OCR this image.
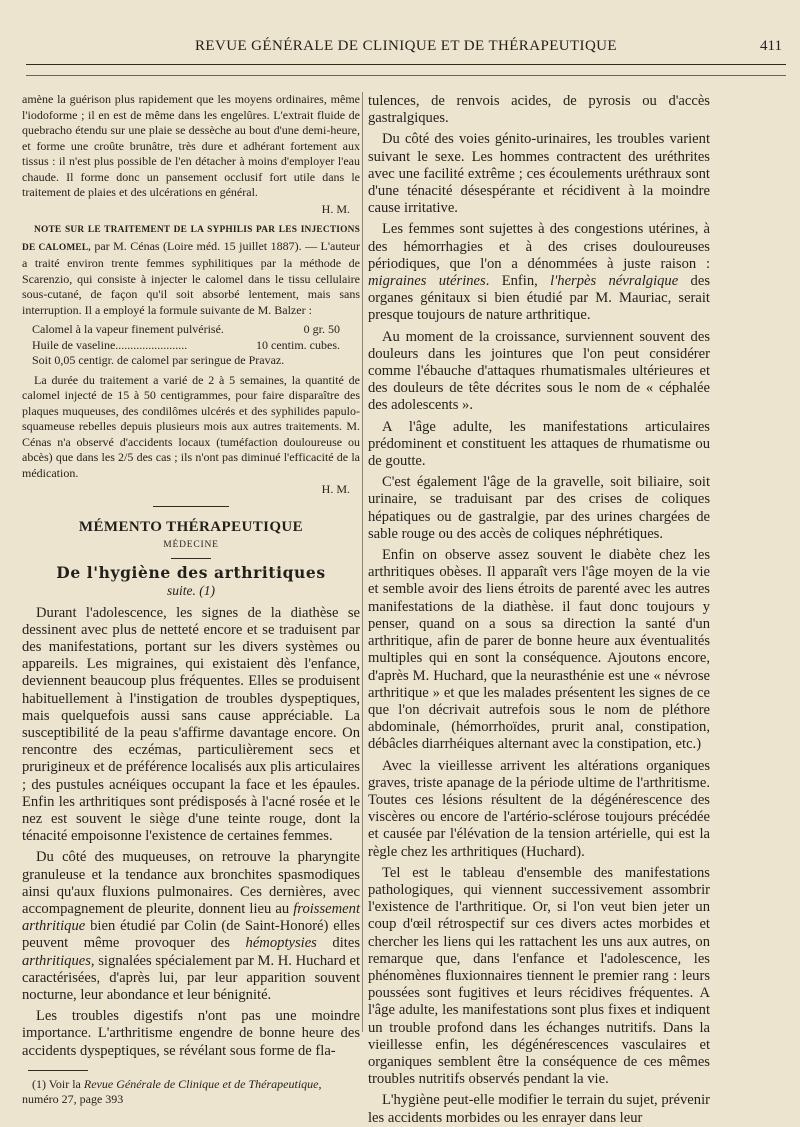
REVUE GÉNÉRALE DE CLINIQUE ET DE THÉRAPEUTIQUE	411

amène la guérison plus rapidement que les moyens ordinaires, même l'iodoforme ; il en est de même dans les engelûres. L'extrait fluide de quebracho étendu sur une plaie se dessèche au bout d'une demi-heure, et forme une croûte brunâtre, très dure et adhérant fortement aux tissus : il n'est plus possible de l'en détacher à moins d'employer l'eau chaude. Il forme donc un pansement occlusif fort utile dans le traitement de plaies et des ulcérations en général.

H. M.

NOTE SUR LE TRAITEMENT DE LA SYPHILIS PAR LES INJECTIONS DE CALOMEL, par M. Cénas (Loire méd. 15 juillet 1887). — L'auteur a traité environ trente femmes syphilitiques par la méthode de Scarenzio, qui consiste à injecter le calomel dans le tissu cellulaire sous-cutané, de façon qu'il soit absorbé lentement, mais sans interruption. Il a employé la formule suivante de M. Balzer :

Calomel à la vapeur finement pulvérisé.	0 gr. 50
Huile de vaseline........................	10 centim. cubes.
Soit 0,05 centigr. de calomel par seringue de Pravaz.

La durée du traitement a varié de 2 à 5 semaines, la quantité de calomel injecté de 15 à 50 centigrammes, pour faire disparaître des plaques muqueuses, des condilômes ulcérés et des syphilides papulo-squameuse rebelles depuis plusieurs mois aux autres traitements. M. Cénas n'a observé d'accidents locaux (tuméfaction douloureuse ou abcès) que dans les 2/5 des cas ; ils n'ont pas diminué l'efficacité de la médication.

H. M.

MÉMENTO THÉRAPEUTIQUE
MÉDECINE
De l'hygiène des arthritiques
suite. (1)

Durant l'adolescence, les signes de la diathèse se dessinent avec plus de netteté encore et se traduisent par des manifestations, portant sur les divers systèmes ou appareils. Les migraines, qui existaient dès l'enfance, deviennent beaucoup plus fréquentes. Elles se produisent habituellement à l'instigation de troubles dyspeptiques, mais quelquefois aussi sans cause appréciable. La susceptibilité de la peau s'affirme davantage encore. On rencontre des eczémas, particulièrement secs et prurigineux et de préférence localisés aux plis articulaires ; des pustules acnéiques occupant la face et les épaules. Enfin les arthritiques sont prédisposés à l'acné rosée et le nez est souvent le siège d'une teinte rouge, dont la ténacité empoisonne l'existence de certaines femmes.

Du côté des muqueuses, on retrouve la pharyngite granuleuse et la tendance aux bronchites spasmodiques ainsi qu'aux fluxions pulmonaires. Ces dernières, avec accompagnement de pleurite, donnent lieu au froissement arthritique bien étudié par Colin (de Saint-Honoré) elles peuvent même provoquer des hémoptysies dites arthritiques, signalées spécialement par M. H. Huchard et caractérisées, d'après lui, par leur apparition souvent nocturne, leur abondance et leur bénignité.

Les troubles digestifs n'ont pas une moindre importance. L'arthritisme engendre de bonne heure des accidents dyspeptiques, se révélant sous forme de fla-

(1) Voir la Revue Générale de Clinique et de Thérapeutique, numéro 27, page 393

tulences, de renvois acides, de pyrosis ou d'accès gastralgiques.

Du côté des voies génito-urinaires, les troubles varient suivant le sexe. Les hommes contractent des uréthrites avec une facilité extrême ; ces écoulements uréthraux sont d'une ténacité désespérante et récidivent à la moindre cause irritative.

Les femmes sont sujettes à des congestions utérines, à des hémorrhagies et à des crises douloureuses périodiques, que l'on a dénommées à juste raison : migraines utérines. Enfin, l'herpès névralgique des organes génitaux si bien étudié par M. Mauriac, serait presque toujours de nature arthritique.

Au moment de la croissance, surviennent souvent des douleurs dans les jointures que l'on peut considérer comme l'ébauche d'attaques rhumatismales ultérieures et des douleurs de tête décrites sous le nom de « céphalée des adolescents ».

A l'âge adulte, les manifestations articulaires prédominent et constituent les attaques de rhumatisme ou de goutte.

C'est également l'âge de la gravelle, soit biliaire, soit urinaire, se traduisant par des crises de coliques hépatiques ou de gastralgie, par des urines chargées de sable rouge ou des accès de coliques néphrétiques.

Enfin on observe assez souvent le diabète chez les arthritiques obèses. Il apparaît vers l'âge moyen de la vie et semble avoir des liens étroits de parenté avec les autres manifestations de la diathèse. il faut donc toujours y penser, quand on a sous sa direction la santé d'un arthritique, afin de parer de bonne heure aux éventualités multiples qui en sont la conséquence. Ajoutons encore, d'après M. Huchard, que la neurasthénie est une « névrose arthritique » et que les malades présentent les signes de ce que l'on décrivait autrefois sous le nom de pléthore abdominale, (hémorrhoïdes, prurit anal, constipation, débâcles diarrhéiques alternant avec la constipation, etc.)

Avec la vieillesse arrivent les altérations organiques graves, triste apanage de la période ultime de l'arthritisme. Toutes ces lésions résultent de la dégénérescence des viscères ou encore de l'artério-sclérose toujours précédée et causée par l'élévation de la tension artérielle, qui est la règle chez les arthritiques (Huchard).

Tel est le tableau d'ensemble des manifestations pathologiques, qui viennent successivement assombrir l'existence de l'arthritique. Or, si l'on veut bien jeter un coup d'œil rétrospectif sur ces divers actes morbides et chercher les liens qui les rattachent les uns aux autres, on remarque que, dans l'enfance et l'adolescence, les phénomènes fluxionnaires tiennent le premier rang : leurs poussées sont fugitives et leurs récidives fréquentes. A l'âge adulte, les manifestations sont plus fixes et indiquent un trouble profond dans les échanges nutritifs. Dans la vieillesse enfin, les dégénérescences vasculaires et organiques semblent être la conséquence de ces mêmes troubles nutritifs observés pendant la vie.

L'hygiène peut-elle modifier le terrain du sujet, prévenir les accidents morbides ou les enrayer dans leur
